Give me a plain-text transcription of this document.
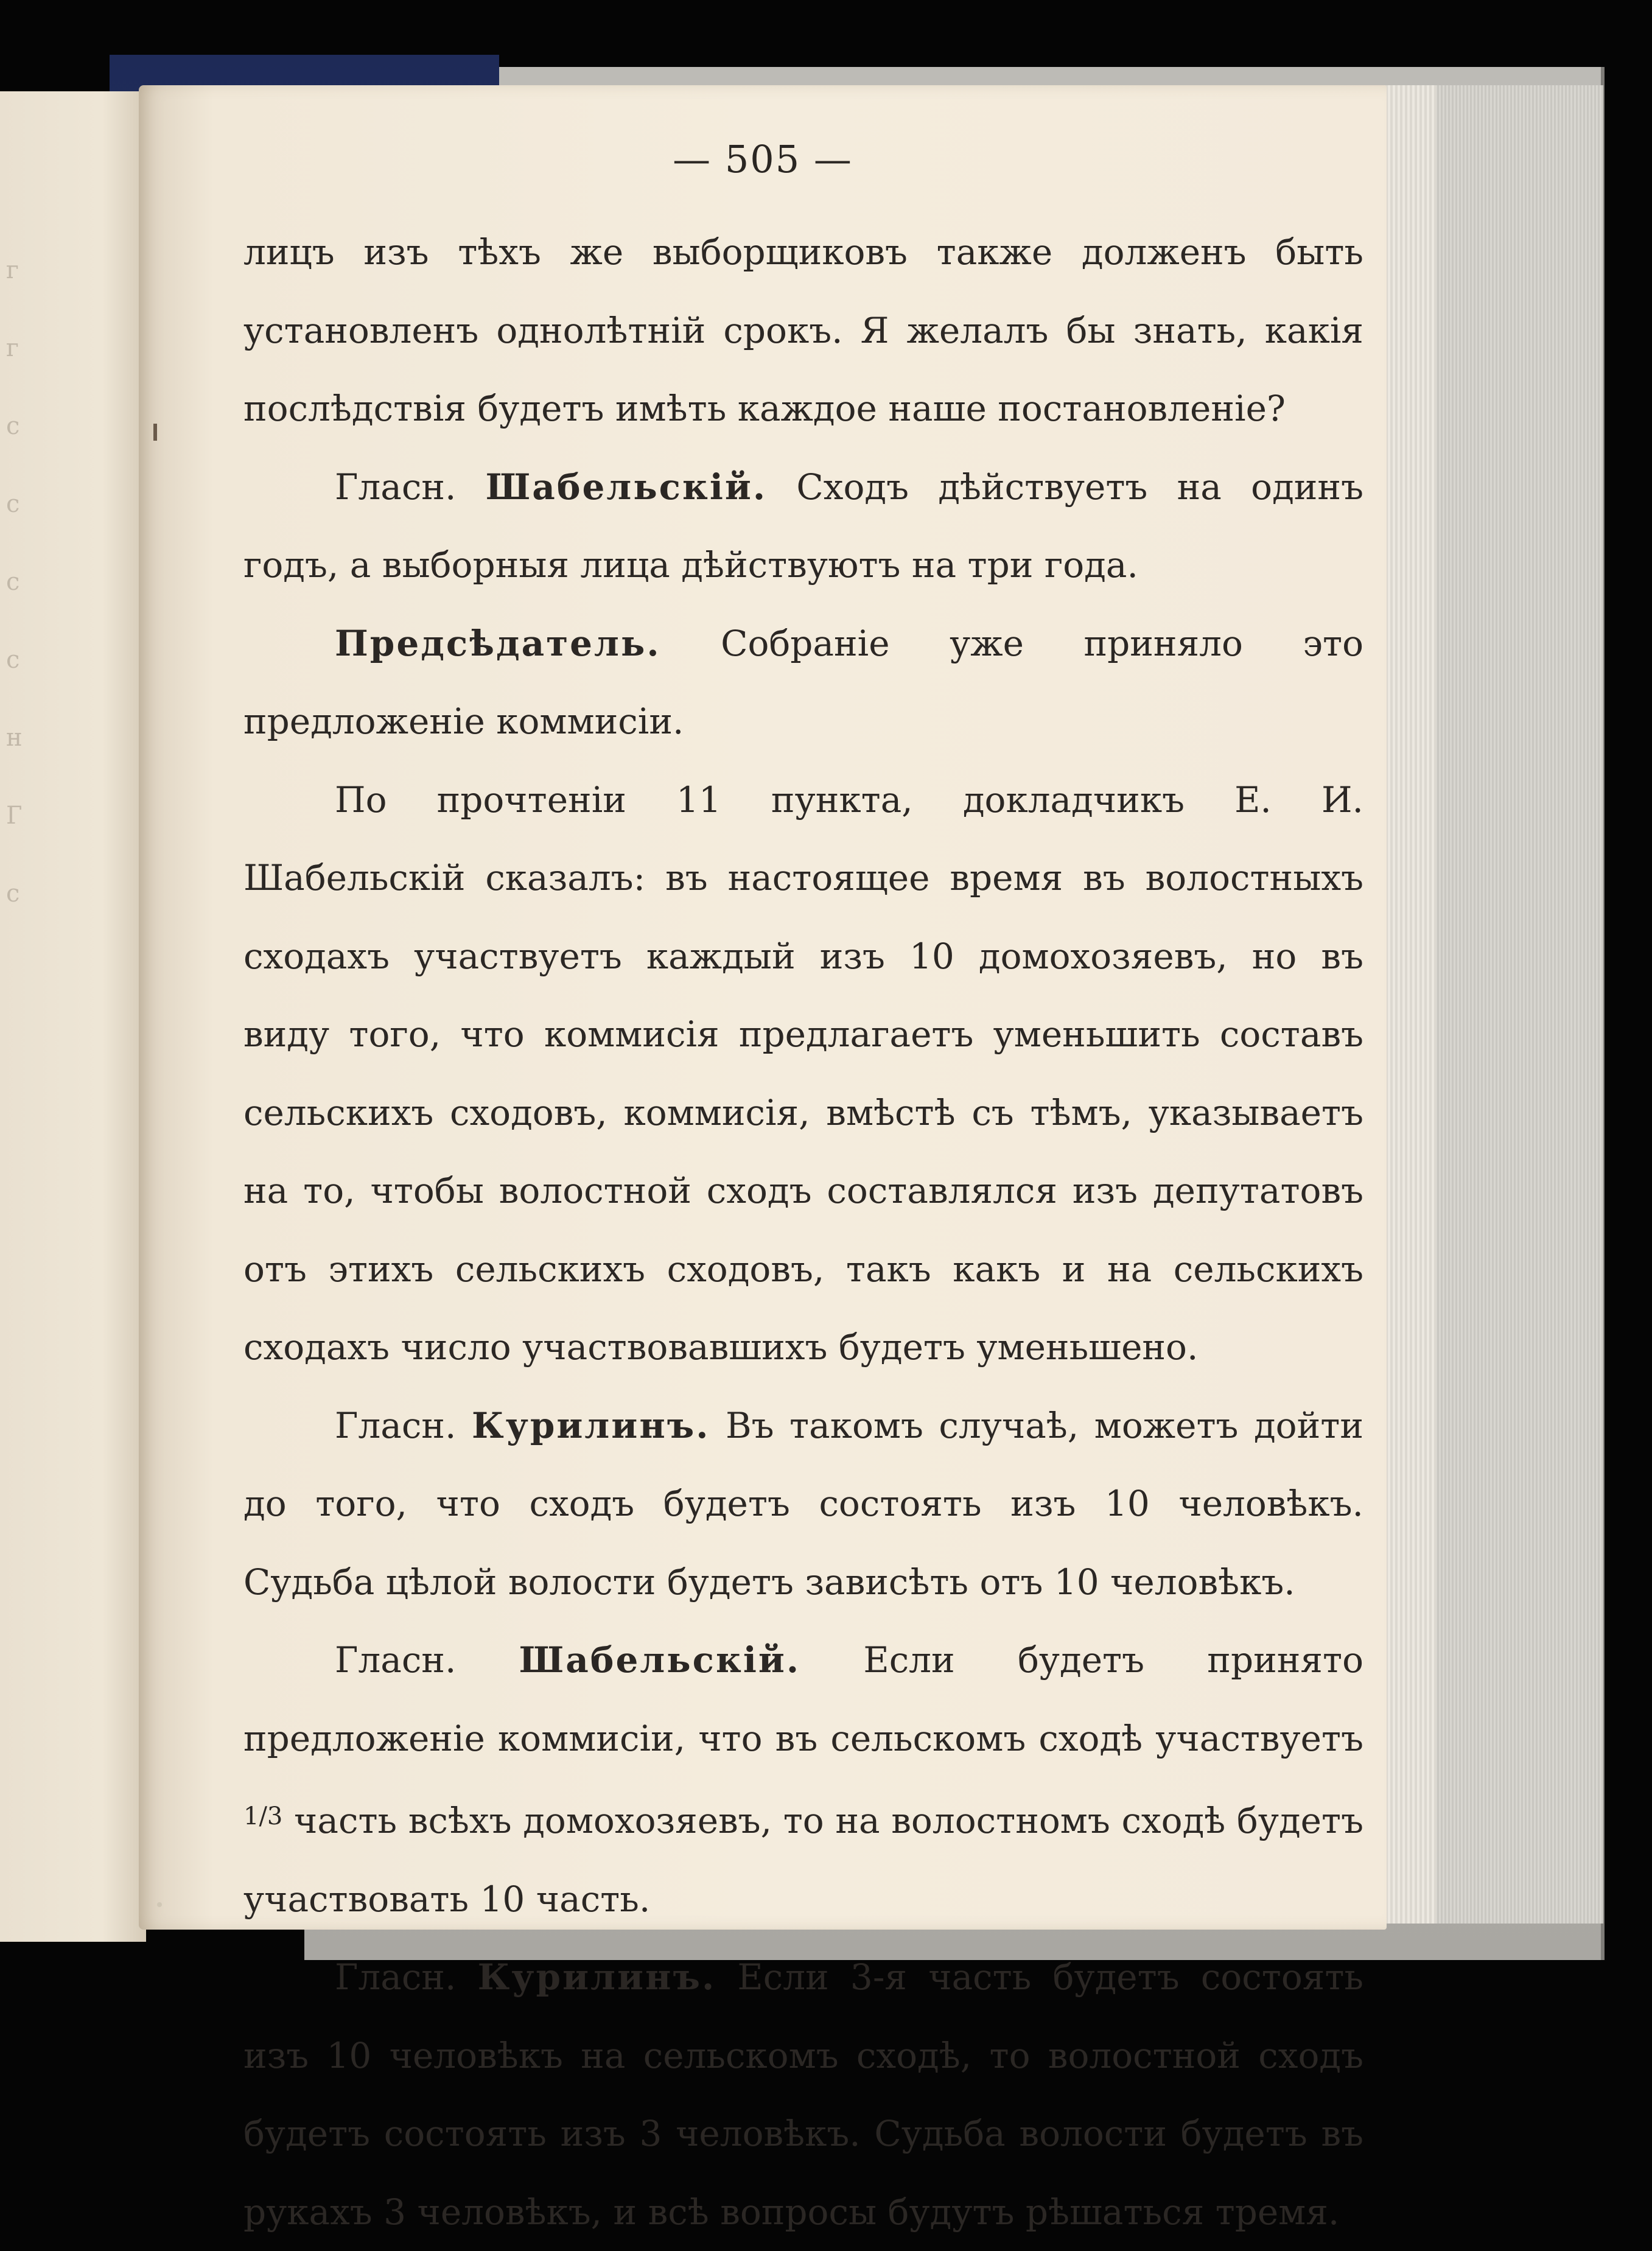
г
г
с
с
с
с
н
Г
с
— 505 —

лицъ изъ тѣхъ же выборщиковъ также долженъ быть установленъ однолѣтній срокъ. Я желалъ бы знать, какія послѣдствія будетъ имѣть каждое наше постановленіе?

Гласн. Шабельскій. Сходъ дѣйствуетъ на одинъ годъ, а выборныя лица дѣйствуютъ на три года.

Предсѣдатель. Собраніе уже приняло это предложеніе коммисіи.

По прочтеніи 11 пункта, докладчикъ Е. И. Шабельскій сказалъ: въ настоящее время въ волостныхъ сходахъ участвуетъ каждый изъ 10 домохозяевъ, но въ виду того, что коммисія предлагаетъ уменьшить составъ сельскихъ сходовъ, коммисія, вмѣстѣ съ тѣмъ, указываетъ на то, чтобы волостной сходъ составлялся изъ депутатовъ отъ этихъ сельскихъ сходовъ, такъ какъ и на сельскихъ сходахъ число участвовавшихъ будетъ уменьшено.

Гласн. Курилинъ. Въ такомъ случаѣ, можетъ дойти до того, что сходъ будетъ состоять изъ 10 человѣкъ. Судьба цѣлой волости будетъ зависѣть отъ 10 человѣкъ.

Гласн. Шабельскій. Если будетъ принято предложеніе коммисіи, что въ сельскомъ сходѣ участвуетъ $^{1/3}$ часть всѣхъ домохозяевъ, то на волостномъ сходѣ будетъ участвовать 10 часть.

Гласн. Курилинъ. Если 3-я часть будетъ состоять изъ 10 человѣкъ на сельскомъ сходѣ, то волостной сходъ будетъ состоять изъ 3 человѣкъ. Судьба волости будетъ въ рукахъ 3 человѣкъ, и всѣ вопросы будутъ рѣшаться тремя.
